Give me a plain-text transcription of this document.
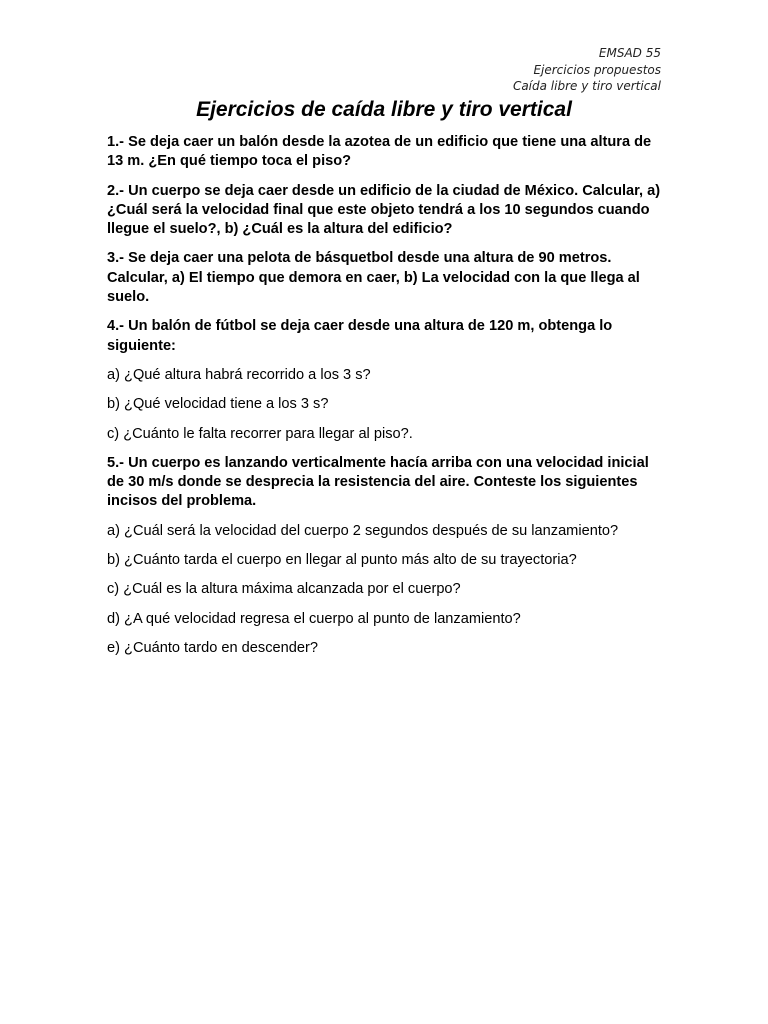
EMSAD 55
Ejercicios propuestos
Caída libre y tiro vertical
Ejercicios de caída libre y tiro vertical

1.- Se deja caer un balón desde la azotea de un edificio que tiene una altura de 13 m. ¿En qué tiempo toca el piso?

2.- Un cuerpo se deja caer desde un edificio de la ciudad de México. Calcular, a) ¿Cuál será la velocidad final que este objeto tendrá a los 10 segundos cuando llegue el suelo?, b) ¿Cuál es la altura del edificio?

3.- Se deja caer una pelota de básquetbol desde una altura de 90 metros. Calcular, a) El tiempo que demora en caer, b) La velocidad con la que llega al suelo.

4.- Un balón de fútbol se deja caer desde una altura de 120 m, obtenga lo siguiente:

a) ¿Qué altura habrá recorrido a los 3 s?

b) ¿Qué velocidad tiene a los 3 s?

c) ¿Cuánto le falta recorrer para llegar al piso?.

5.- Un cuerpo es lanzando verticalmente hacía arriba con una velocidad inicial de 30 m/s donde se desprecia la resistencia del aire. Conteste los siguientes incisos del problema.

a) ¿Cuál será la velocidad del cuerpo 2 segundos después de su lanzamiento?

b) ¿Cuánto tarda el cuerpo en llegar al punto más alto de su trayectoria?

c) ¿Cuál es la altura máxima alcanzada por el cuerpo?

d) ¿A qué velocidad regresa el cuerpo al punto de lanzamiento?

e) ¿Cuánto tardo en descender?
